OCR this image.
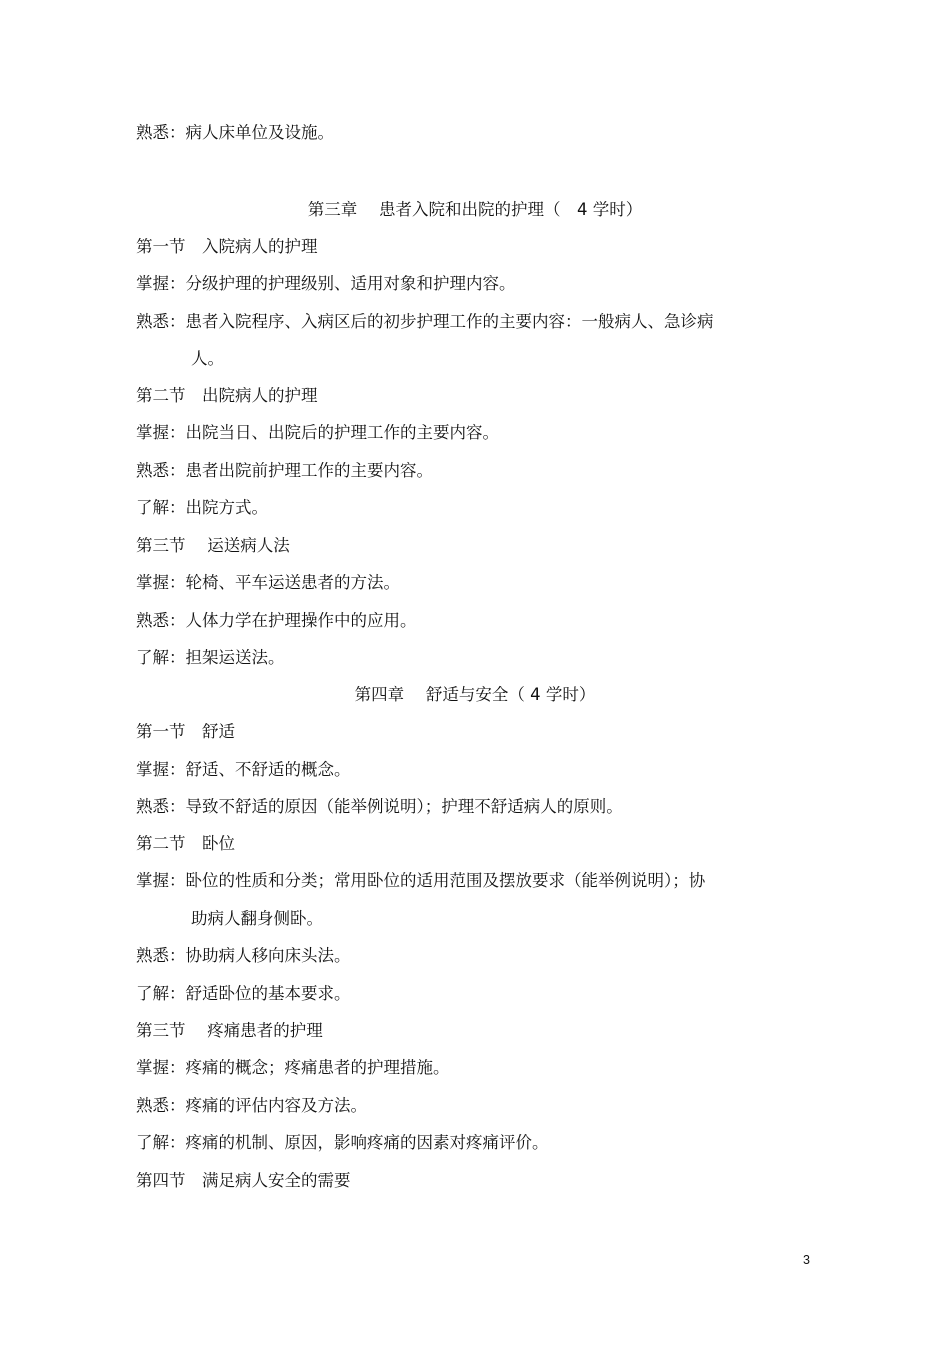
熟悉：病人床单位及设施。
第三章　 患者入院和出院的护理（　4 学时）
第一节　入院病人的护理
掌握：分级护理的护理级别、适用对象和护理内容。
熟悉：患者入院程序、入病区后的初步护理工作的主要内容：一般病人、急诊病
人。
第二节　出院病人的护理
掌握：出院当日、出院后的护理工作的主要内容。
熟悉：患者出院前护理工作的主要内容。
了解：出院方式。
第三节　 运送病人法
掌握：轮椅、平车运送患者的方法。
熟悉：人体力学在护理操作中的应用。
了解：担架运送法。
第四章　 舒适与安全（ 4 学时）
第一节　舒适
掌握：舒适、不舒适的概念。
熟悉：导致不舒适的原因（能举例说明）；护理不舒适病人的原则。
第二节　卧位
掌握：卧位的性质和分类；常用卧位的适用范围及摆放要求（能举例说明）；协
助病人翻身侧卧。
熟悉：协助病人移向床头法。
了解：舒适卧位的基本要求。
第三节　 疼痛患者的护理
掌握：疼痛的概念；疼痛患者的护理措施。
熟悉：疼痛的评估内容及方法。
了解：疼痛的机制、原因，影响疼痛的因素对疼痛评价。
第四节　满足病人安全的需要
3
